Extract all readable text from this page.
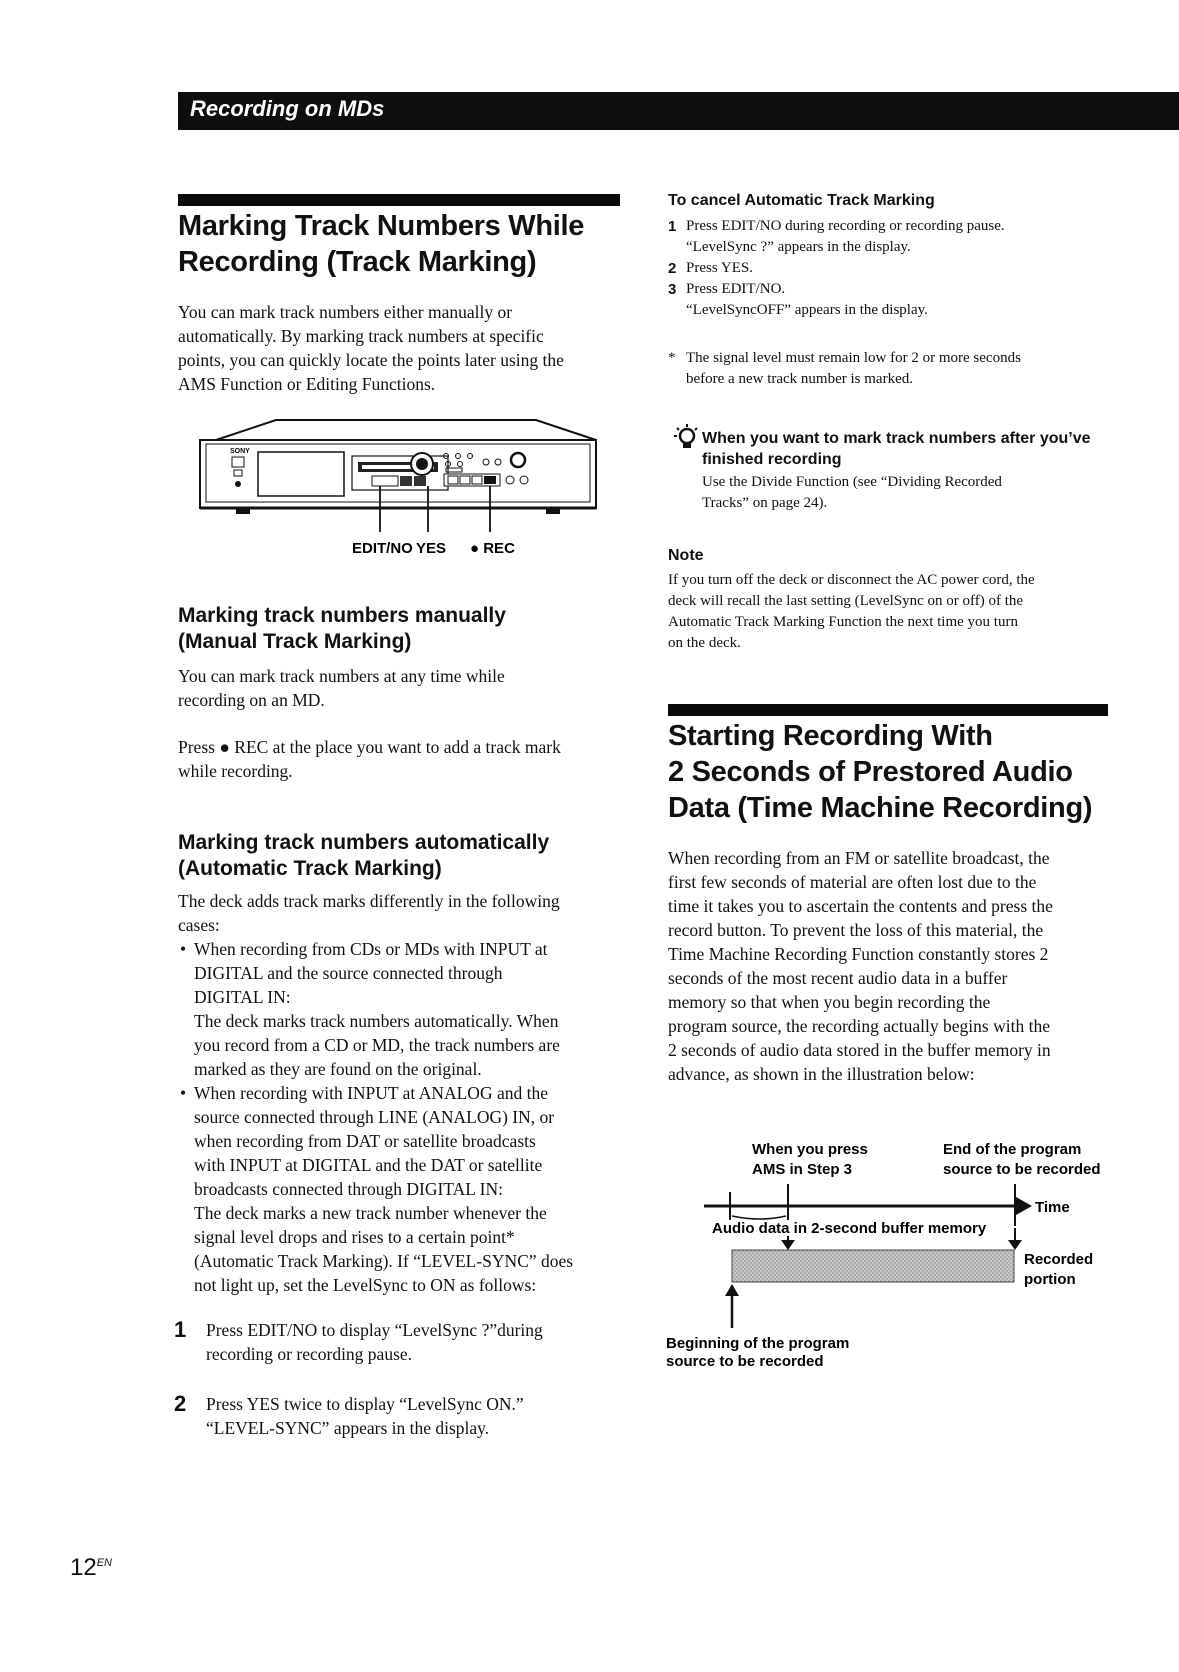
Recording on MDs
Marking Track Numbers While
Recording (Track Marking)
You can mark track numbers either manually or
automatically. By marking track numbers at specific
points, you can quickly locate the points later using the
AMS Function or Editing Functions.
SONY
EDIT/NO YES ● REC
Marking track numbers manually
(Manual Track Marking)
You can mark track numbers at any time while
recording on an MD.
Press ● REC at the place you want to add a track mark
while recording.
Marking track numbers automatically
(Automatic Track Marking)
The deck adds track marks differently in the following
cases:
• When recording from CDs or MDs with INPUT at
DIGITAL and the source connected through
DIGITAL IN:
The deck marks track numbers automatically. When
you record from a CD or MD, the track numbers are
marked as they are found on the original.
• When recording with INPUT at ANALOG and the
source connected through LINE (ANALOG) IN, or
when recording from DAT or satellite broadcasts
with INPUT at DIGITAL and the DAT or satellite
broadcasts connected through DIGITAL IN:
The deck marks a new track number whenever the
signal level drops and rises to a certain point*
(Automatic Track Marking). If “LEVEL-SYNC” does
not light up, set the LevelSync to ON as follows:
1	Press EDIT/NO to display “LevelSync ?”during
recording or recording pause.
2	Press YES twice to display “LevelSync ON.”
“LEVEL-SYNC” appears in the display.
To cancel Automatic Track Marking
1 Press EDIT/NO during recording or recording pause.
“LevelSync ?” appears in the display.
2 Press YES.
3 Press EDIT/NO.
“LevelSyncOFF” appears in the display.
* The signal level must remain low for 2 or more seconds
before a new track number is marked.
When you want to mark track numbers after you’ve
finished recording
Use the Divide Function (see “Dividing Recorded
Tracks” on page 24).
Note
If you turn off the deck or disconnect the AC power cord, the
deck will recall the last setting (LevelSync on or off) of the
Automatic Track Marking Function the next time you turn
on the deck.
Starting Recording With
2 Seconds of Prestored Audio
Data (Time Machine Recording)
When recording from an FM or satellite broadcast, the
first few seconds of material are often lost due to the
time it takes you to ascertain the contents and press the
record button. To prevent the loss of this material, the
Time Machine Recording Function constantly stores 2
seconds of the most recent audio data in a buffer
memory so that when you begin recording the
program source, the recording actually begins with the
2 seconds of audio data stored in the buffer memory in
advance, as shown in the illustration below:
When you press
AMS in Step 3
End of the program
source to be recorded
Time
Audio data in 2-second buffer memory
Recorded
portion
Beginning of the program
source to be recorded
$12^{EN}$
